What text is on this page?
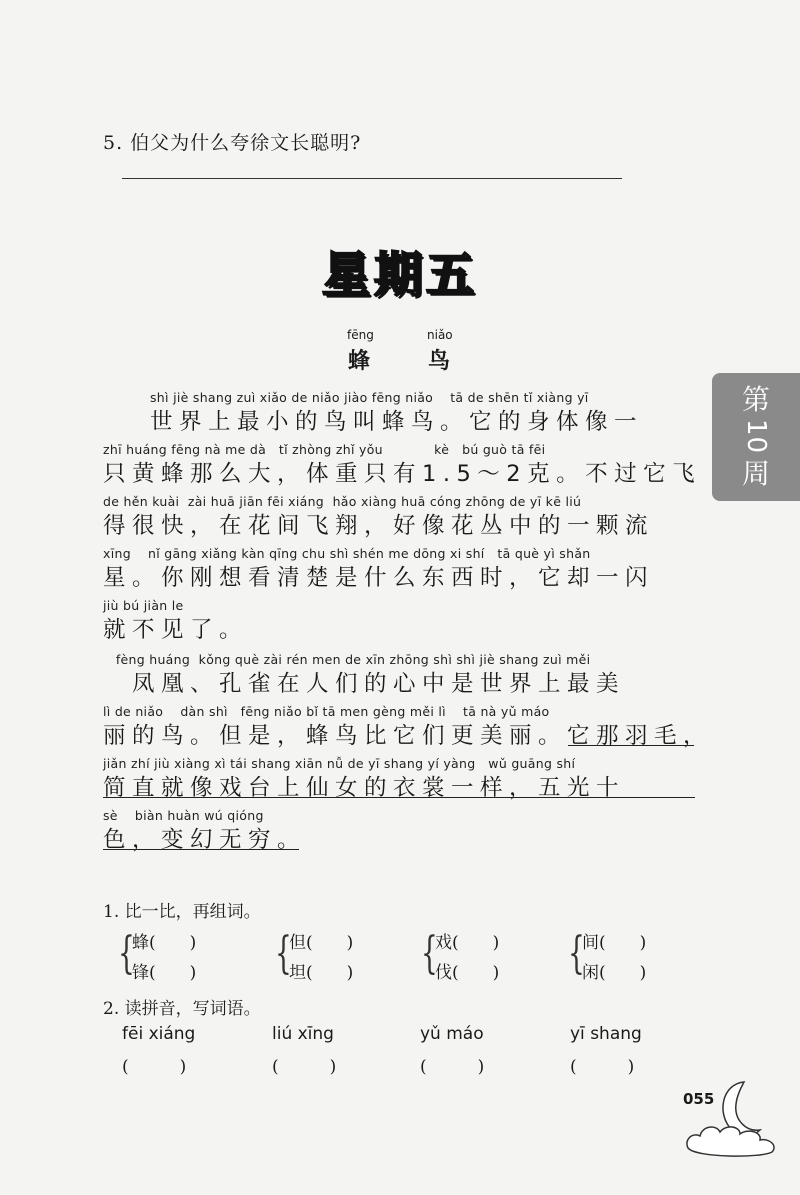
5. 伯父为什么夸徐文长聪明?
星期五
第
10
周
fēng	niǎo
蜂	鸟
shì jiè shang zuì xiǎo de niǎo jiào fēng niǎo    tā de shēn tǐ xiàng yī
世界上最小的鸟叫蜂鸟。它的身体像一
zhī huáng fēng nà me dà   tǐ zhòng zhǐ yǒu            kè   bú guò tā fēi
只黄蜂那么大，体重只有1.5～2克。不过它飞
de hěn kuài  zài huā jiān fēi xiáng  hǎo xiàng huā cóng zhōng de yī kē liú
得很快，在花间飞翔，好像花丛中的一颗流
xīng    nǐ gāng xiǎng kàn qīng chu shì shén me dōng xi shí   tā què yì shǎn
星。你刚想看清楚是什么东西时，它却一闪
jiù bú jiàn le
就不见了。
fèng huáng  kǒng què zài rén men de xīn zhōng shì shì jiè shang zuì měi
　凤凰、孔雀在人们的心中是世界上最美
lì de niǎo    dàn shì   fēng niǎo bǐ tā men gèng měi lì    tā nà yǔ máo
丽的鸟。但是，蜂鸟比它们更美丽。它那羽毛，
jiǎn zhí jiù xiàng xì tái shang xiān nǚ de yī shang yí yàng   wǔ guāng shí
简直就像戏台上仙女的衣裳一样，五光十
sè    biàn huàn wú qióng
色，变幻无穷。
1. 比一比，再组词。
{
蜂(　　)
锋(　　) {
但(　　)
坦(　　) {
戏(　　)
伐(　　) {
间(　　)
闲(　　)
2. 读拼音，写词语。
fēi xiáng
(　　　)
liú xīng
(　　　)
yǔ máo
(　　　)
yī shang
(　　　)
055
